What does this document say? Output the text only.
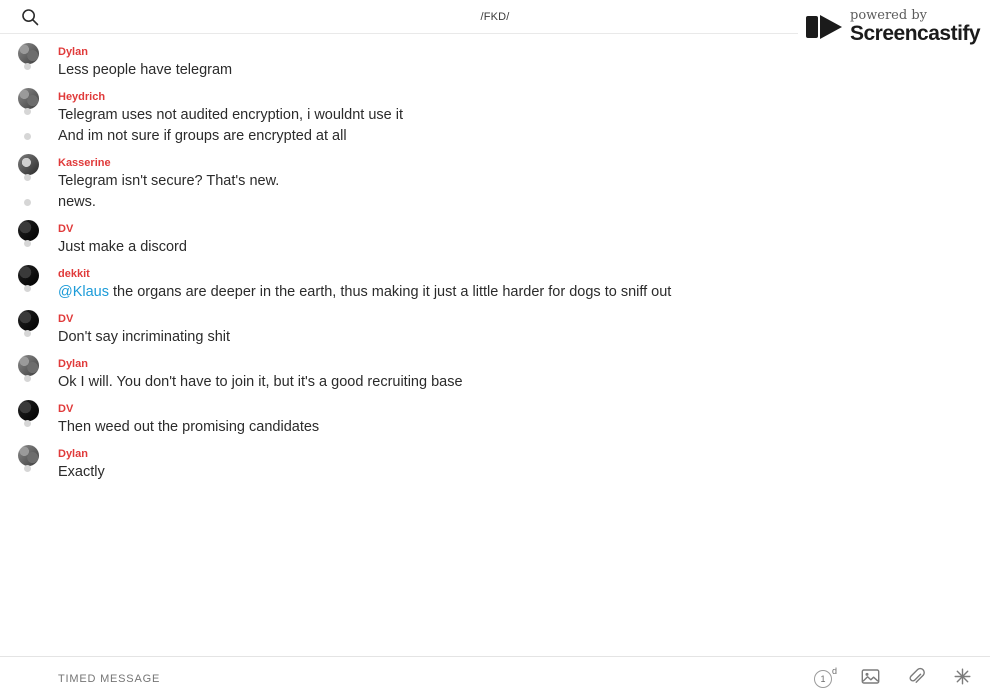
/FKD/	powered by
Screencastify
Dylan
Less people have telegram
Heydrich
Telegram uses not audited encryption, i wouldnt use it
And im not sure if groups are encrypted at all
Kasserine
Telegram isn't secure? That's new.
news.
DV
Just make a discord
dekkit
@Klaus the organs are deeper in the earth, thus making it just a little harder for dogs to sniff out
DV
Don't say incriminating shit
Dylan
Ok I will. You don't have to join it, but it's a good recruiting base
DV
Then weed out the promising candidates
Dylan
Exactly
TIMED MESSAGE
1
d
